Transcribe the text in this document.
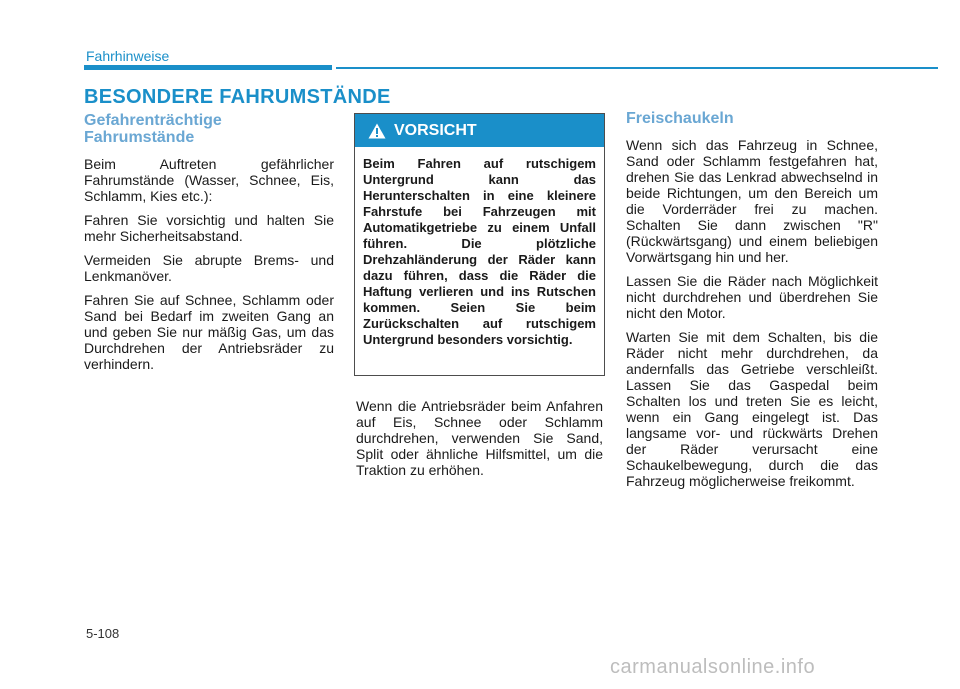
Fahrhinweise
BESONDERE FAHRUMSTÄNDE
Gefahrenträchtige Fahrumstände

Beim Auftreten gefährlicher Fahrumstände (Wasser, Schnee, Eis, Schlamm, Kies etc.):

Fahren Sie vorsichtig und halten Sie mehr Sicherheitsabstand.

Vermeiden Sie abrupte Brems- und Lenkmanöver.

Fahren Sie auf Schnee, Schlamm oder Sand bei Bedarf im zweiten Gang an und geben Sie nur mäßig Gas, um das Durchdrehen der Antriebsräder zu verhindern.

VORSICHT
Beim Fahren auf rutschigem Untergrund kann das Herunterschalten in eine kleinere Fahrstufe bei Fahrzeugen mit Automatikgetriebe zu einem Unfall führen. Die plötzliche Drehzahländerung der Räder kann dazu führen, dass die Räder die Haftung verlieren und ins Rutschen kommen. Seien Sie beim Zurückschalten auf rutschigem Untergrund besonders vorsichtig.

Wenn die Antriebsräder beim Anfahren auf Eis, Schnee oder Schlamm durchdrehen, verwenden Sie Sand, Split oder ähnliche Hilfsmittel, um die Traktion zu erhöhen.

Freischaukeln

Wenn sich das Fahrzeug in Schnee, Sand oder Schlamm festgefahren hat, drehen Sie das Lenkrad abwechselnd in beide Richtungen, um den Bereich um die Vorderräder frei zu machen. Schalten Sie dann zwischen "R" (Rückwärtsgang) und einem beliebigen Vorwärtsgang hin und her.

Lassen Sie die Räder nach Möglichkeit nicht durchdrehen und überdrehen Sie nicht den Motor.

Warten Sie mit dem Schalten, bis die Räder nicht mehr durchdrehen, da andernfalls das Getriebe verschleißt. Lassen Sie das Gaspedal beim Schalten los und treten Sie es leicht, wenn ein Gang eingelegt ist. Das langsame vor- und rückwärts Drehen der Räder verursacht eine Schaukelbewegung, durch die das Fahrzeug möglicherweise freikommt.

5-108
carmanualsonline.info
